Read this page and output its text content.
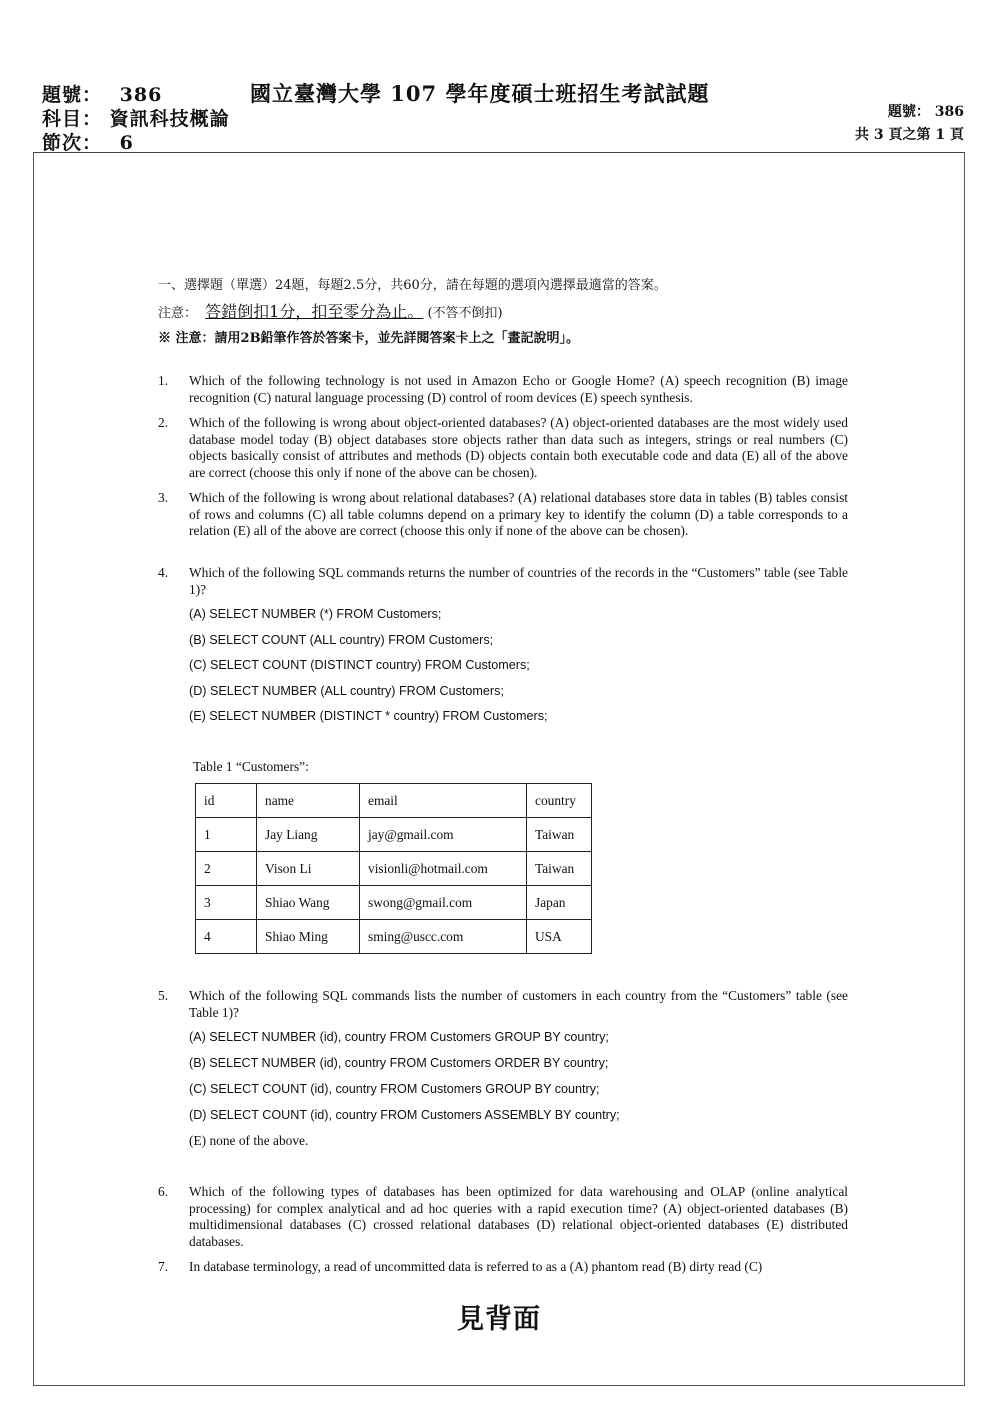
題號： 386
科目： 資訊科技概論
節次： 6
國立臺灣大學 107 學年度碩士班招生考試試題
題號： 386
共 3 頁之第 1 頁
一、選擇題（單選）24題，每題2.5分，共60分，請在每題的選項內選擇最適當的答案。
注意： 答錯倒扣1分，扣至零分為止。 (不答不倒扣)
※ 注意：請用2B鉛筆作答於答案卡，並先詳閱答案卡上之「畫記說明」。
1. Which of the following technology is not used in Amazon Echo or Google Home? (A) speech recognition (B) image recognition (C) natural language processing (D) control of room devices (E) speech synthesis.
2. Which of the following is wrong about object-oriented databases? (A) object-oriented databases are the most widely used database model today (B) object databases store objects rather than data such as integers, strings or real numbers (C) objects basically consist of attributes and methods (D) objects contain both executable code and data (E) all of the above are correct (choose this only if none of the above can be chosen).
3. Which of the following is wrong about relational databases? (A) relational databases store data in tables (B) tables consist of rows and columns (C) all table columns depend on a primary key to identify the column (D) a table corresponds to a relation (E) all of the above are correct (choose this only if none of the above can be chosen).
4. Which of the following SQL commands returns the number of countries of the records in the “Customers” table (see Table 1)?
(A) SELECT NUMBER (*) FROM Customers;
(B) SELECT COUNT (ALL country) FROM Customers;
(C) SELECT COUNT (DISTINCT country) FROM Customers;
(D) SELECT NUMBER (ALL country) FROM Customers;
(E) SELECT NUMBER (DISTINCT * country) FROM Customers;
Table 1 “Customers”:
id	name	email	country
1	Jay Liang	jay@gmail.com	Taiwan
2	Vison Li	visionli@hotmail.com	Taiwan
3	Shiao Wang	swong@gmail.com	Japan
4	Shiao Ming	sming@uscc.com	USA
5. Which of the following SQL commands lists the number of customers in each country from the “Customers” table (see Table 1)?
(A) SELECT NUMBER (id), country FROM Customers GROUP BY country;
(B) SELECT NUMBER (id), country FROM Customers ORDER BY country;
(C) SELECT COUNT (id), country FROM Customers GROUP BY country;
(D) SELECT COUNT (id), country FROM Customers ASSEMBLY BY country;
(E) none of the above.
6. Which of the following types of databases has been optimized for data warehousing and OLAP (online analytical processing) for complex analytical and ad hoc queries with a rapid execution time? (A) object-oriented databases (B) multidimensional databases (C) crossed relational databases (D) relational object-oriented databases (E) distributed databases.
7. In database terminology, a read of uncommitted data is referred to as a (A) phantom read (B) dirty read (C)
見背面
